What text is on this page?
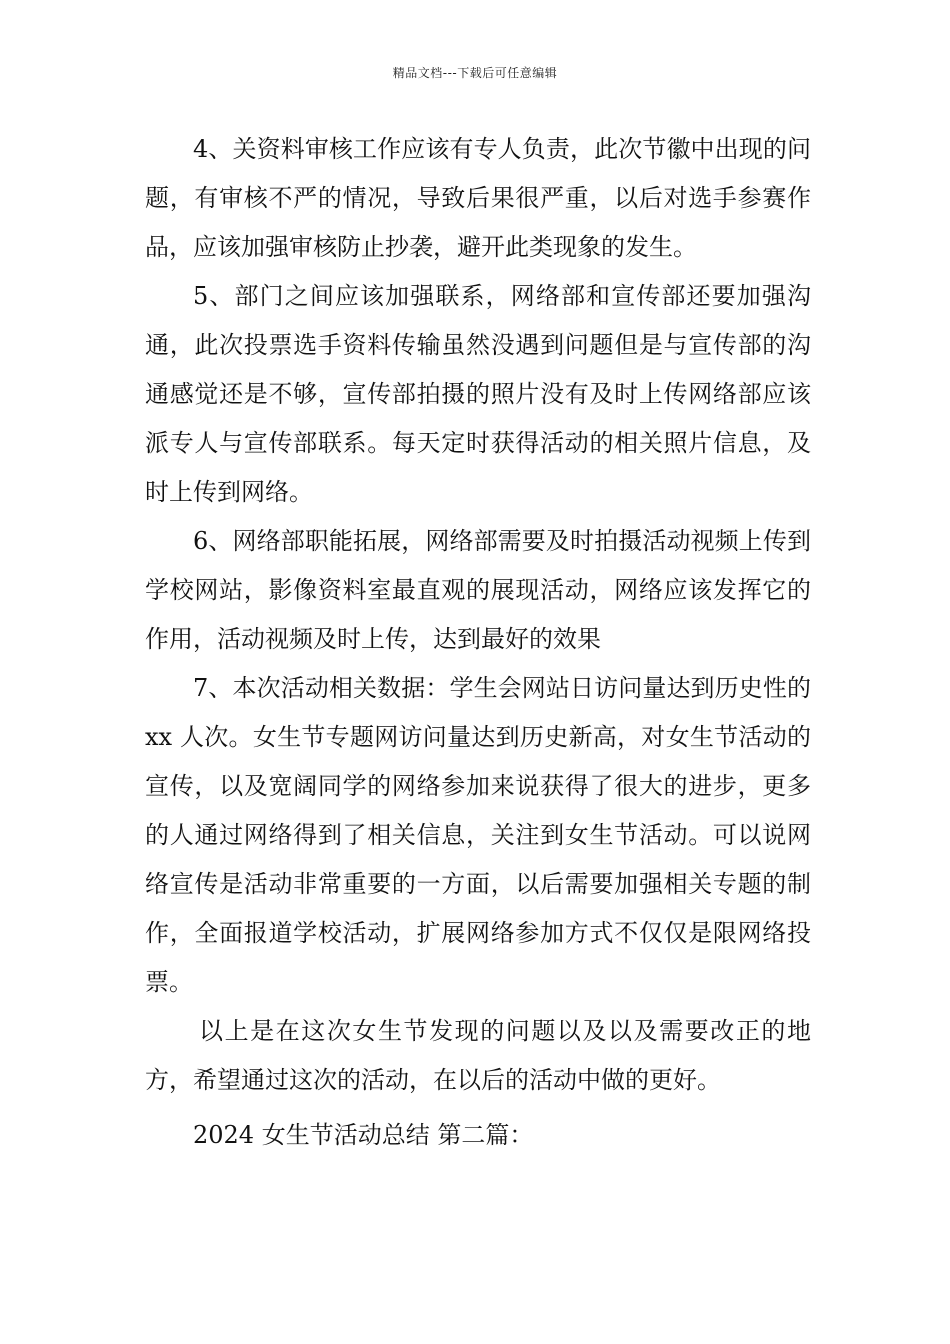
精品文档---下载后可任意编辑

4、关资料审核工作应该有专人负责，此次节徽中出现的问题，有审核不严的情况，导致后果很严重，以后对选手参赛作品，应该加强审核防止抄袭，避开此类现象的发生。

5、部门之间应该加强联系，网络部和宣传部还要加强沟通，此次投票选手资料传输虽然没遇到问题但是与宣传部的沟通感觉还是不够，宣传部拍摄的照片没有及时上传网络部应该派专人与宣传部联系。每天定时获得活动的相关照片信息，及时上传到网络。

6、网络部职能拓展，网络部需要及时拍摄活动视频上传到学校网站，影像资料室最直观的展现活动，网络应该发挥它的作用，活动视频及时上传，达到最好的效果

7、本次活动相关数据：学生会网站日访问量达到历史性的 xx 人次。女生节专题网访问量达到历史新高，对女生节活动的宣传，以及宽阔同学的网络参加来说获得了很大的进步，更多的人通过网络得到了相关信息，关注到女生节活动。可以说网络宣传是活动非常重要的一方面，以后需要加强相关专题的制作，全面报道学校活动，扩展网络参加方式不仅仅是限网络投票。

以上是在这次女生节发现的问题以及以及需要改正的地方，希望通过这次的活动，在以后的活动中做的更好。

2024 女生节活动总结 第二篇：
